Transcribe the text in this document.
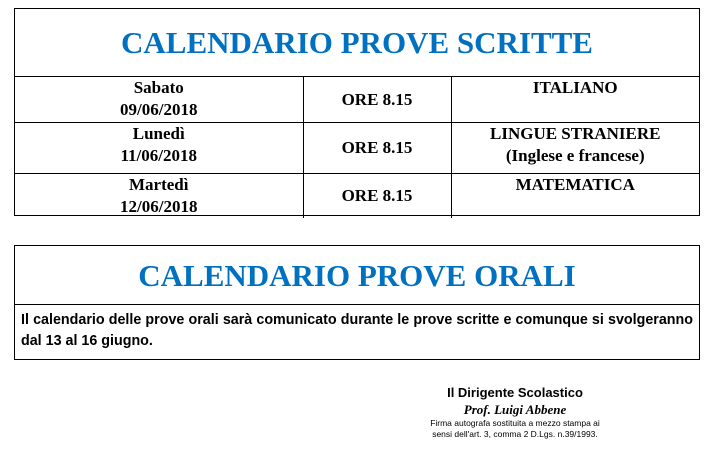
CALENDARIO PROVE SCRITTE
Sabato
09/06/2018	ORE 8.15	ITALIANO

Lunedì
11/06/2018	ORE 8.15	LINGUE STRANIERE
(Inglese e francese)

Martedì
12/06/2018	ORE 8.15	MATEMATICA
CALENDARIO PROVE ORALI
Il calendario delle prove orali sarà comunicato durante le prove scritte e comunque si svolgeranno dal 13 al 16 giugno.
Il Dirigente Scolastico
Prof. Luigi Abbene
Firma autografa sostituita a mezzo stampa ai
sensi dell'art. 3, comma 2 D.Lgs. n.39/1993.
